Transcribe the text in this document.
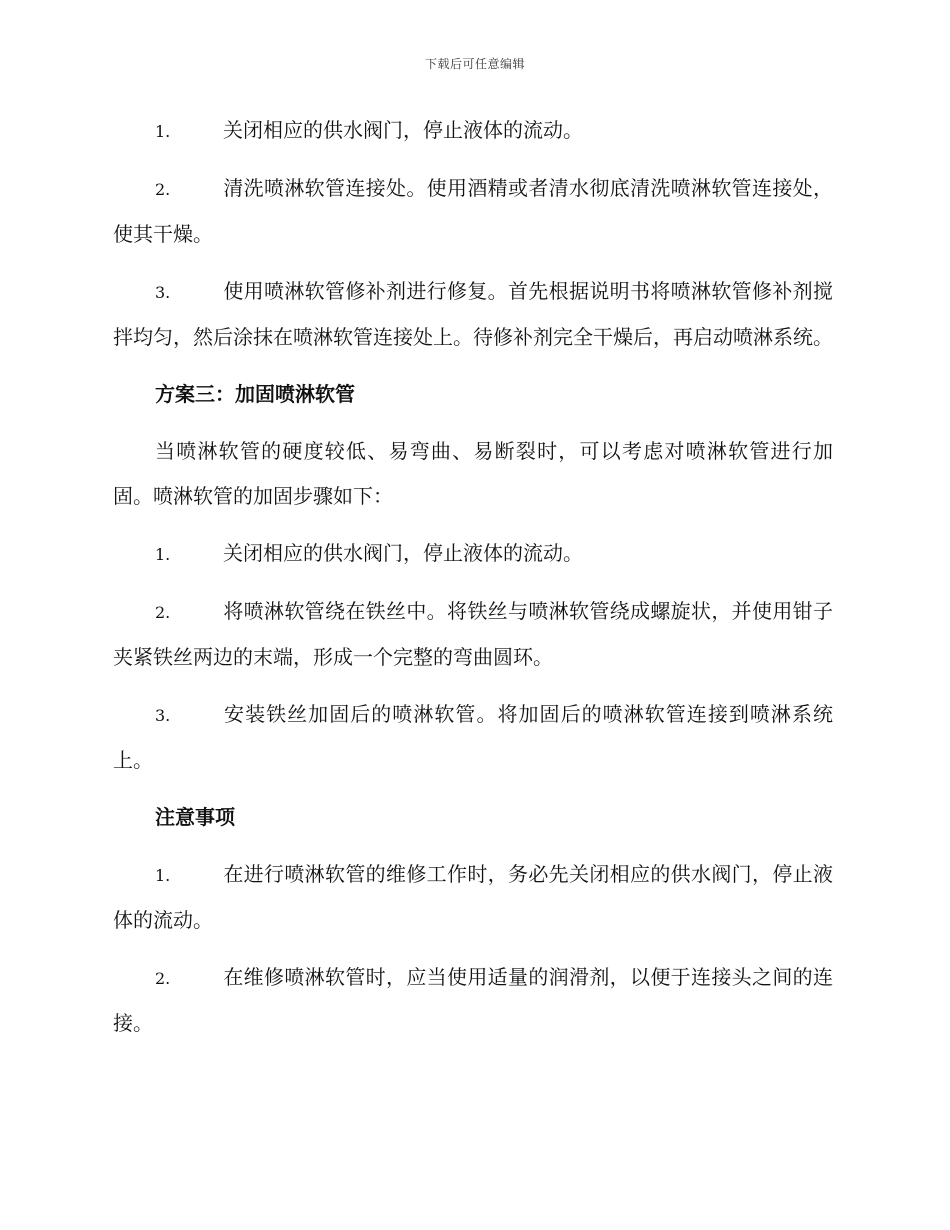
下载后可任意编辑

1.	关闭相应的供水阀门，停止液体的流动。

2.	清洗喷淋软管连接处。使用酒精或者清水彻底清洗喷淋软管连接处，使其干燥。

3.	使用喷淋软管修补剂进行修复。首先根据说明书将喷淋软管修补剂搅拌均匀，然后涂抹在喷淋软管连接处上。待修补剂完全干燥后，再启动喷淋系统。

方案三：加固喷淋软管

当喷淋软管的硬度较低、易弯曲、易断裂时，可以考虑对喷淋软管进行加固。喷淋软管的加固步骤如下：

1.	关闭相应的供水阀门，停止液体的流动。

2.	将喷淋软管绕在铁丝中。将铁丝与喷淋软管绕成螺旋状，并使用钳子夹紧铁丝两边的末端，形成一个完整的弯曲圆环。

3.	安装铁丝加固后的喷淋软管。将加固后的喷淋软管连接到喷淋系统上。

注意事项

1.	在进行喷淋软管的维修工作时，务必先关闭相应的供水阀门，停止液体的流动。

2.	在维修喷淋软管时，应当使用适量的润滑剂，以便于连接头之间的连接。
